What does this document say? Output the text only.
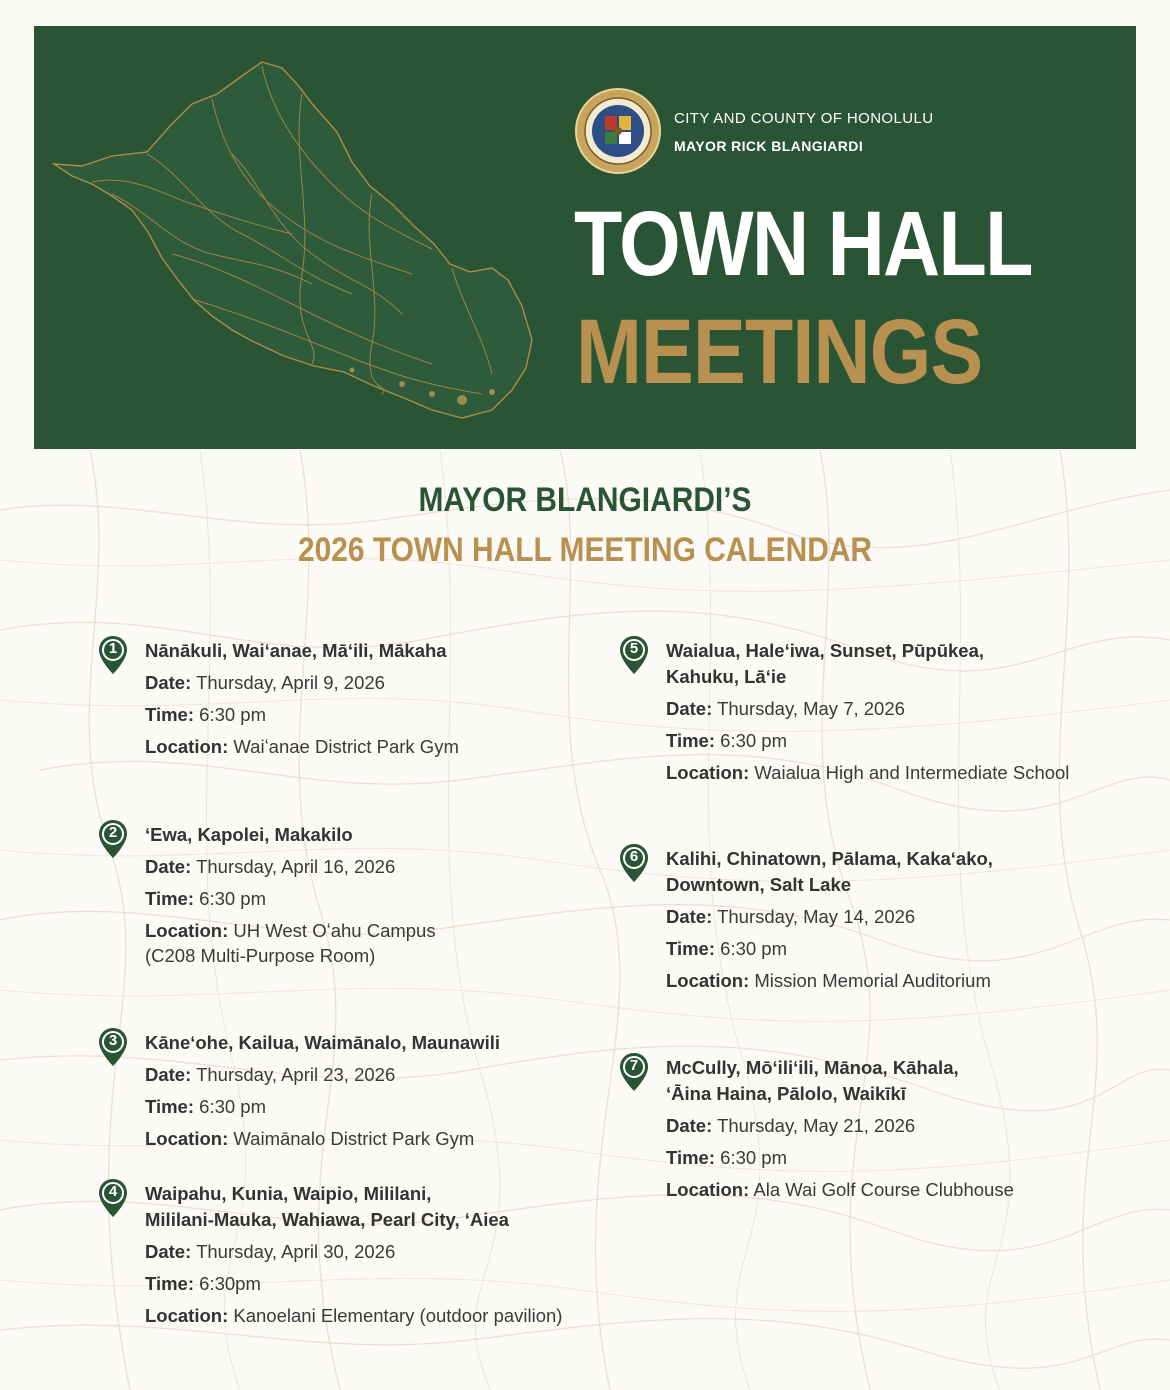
CITY AND COUNTY OF HONOLULU
MAYOR RICK BLANGIARDI
TOWN HALL
MEETINGS
MAYOR BLANGIARDI’S
2026 TOWN HALL MEETING CALENDAR
1	Nānākuli, Waiʻanae, Māʻili, Mākaha
Date: Thursday, April 9, 2026
Time: 6:30 pm
Location: Waiʻanae District Park Gym
2	ʻEwa, Kapolei, Makakilo
Date: Thursday, April 16, 2026
Time: 6:30 pm
Location: UH West Oʻahu Campus
(C208 Multi-Purpose Room)
3	Kāneʻohe, Kailua, Waimānalo, Maunawili
Date: Thursday, April 23, 2026
Time: 6:30 pm
Location: Waimānalo District Park Gym
4	Waipahu, Kunia, Waipio, Mililani,
Mililani-Mauka, Wahiawa, Pearl City, ʻAiea
Date: Thursday, April 30, 2026
Time: 6:30pm
Location: Kanoelani Elementary (outdoor pavilion)
5	Waialua, Haleʻiwa, Sunset, Pūpūkea,
Kahuku, Lāʻie
Date: Thursday, May 7, 2026
Time: 6:30 pm
Location: Waialua High and Intermediate School
6	Kalihi, Chinatown, Pālama, Kakaʻako,
Downtown, Salt Lake
Date: Thursday, May 14, 2026
Time: 6:30 pm
Location: Mission Memorial Auditorium
7	McCully, Mōʻiliʻili, Mānoa, Kāhala,
ʻĀina Haina, Pālolo, Waikīkī
Date: Thursday, May 21, 2026
Time: 6:30 pm
Location: Ala Wai Golf Course Clubhouse
